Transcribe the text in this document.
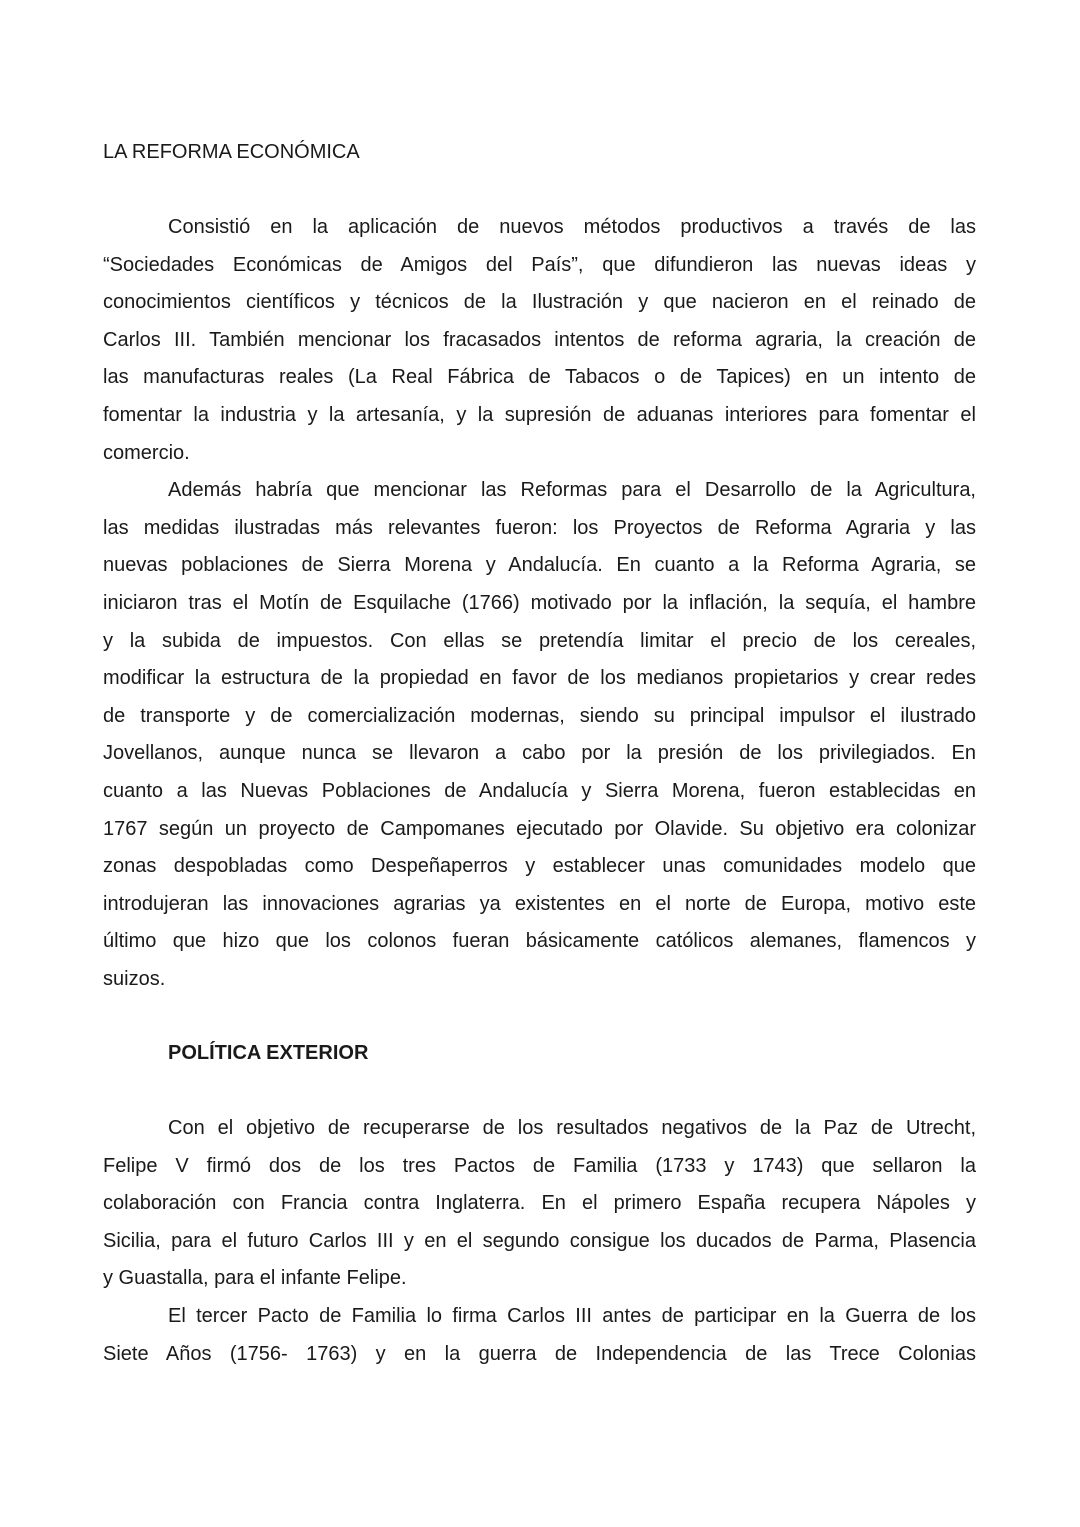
LA REFORMA ECONÓMICA
Consistió en la aplicación de nuevos métodos productivos a través de las
“Sociedades Económicas de Amigos del País”, que difundieron las nuevas ideas y
conocimientos científicos y técnicos de la Ilustración y que nacieron en el reinado de
Carlos III. También mencionar los fracasados intentos de reforma agraria, la creación de
las manufacturas reales (La Real Fábrica de Tabacos o de Tapices) en un intento de
fomentar la industria y la artesanía, y la supresión de aduanas interiores para fomentar el
comercio.
Además habría que mencionar las Reformas para el Desarrollo de la Agricultura,
las medidas ilustradas más relevantes fueron: los Proyectos de Reforma Agraria y las
nuevas poblaciones de Sierra Morena y Andalucía. En cuanto a la Reforma Agraria, se
iniciaron tras el Motín de Esquilache (1766) motivado por la inflación, la sequía, el hambre
y la subida de impuestos. Con ellas se pretendía limitar el precio de los cereales,
modificar la estructura de la propiedad en favor de los medianos propietarios y crear redes
de transporte y de comercialización modernas, siendo su principal impulsor el ilustrado
Jovellanos, aunque nunca se llevaron a cabo por la presión de los privilegiados. En
cuanto a las Nuevas Poblaciones de Andalucía y Sierra Morena, fueron establecidas en
1767 según un proyecto de Campomanes ejecutado por Olavide. Su objetivo era colonizar
zonas despobladas como Despeñaperros y establecer unas comunidades modelo que
introdujeran las innovaciones agrarias ya existentes en el norte de Europa, motivo este
último que hizo que los colonos fueran básicamente católicos alemanes, flamencos y
suizos.
POLÍTICA EXTERIOR
Con el objetivo de recuperarse de los resultados negativos de la Paz de Utrecht,
Felipe V firmó dos de los tres Pactos de Familia (1733 y 1743) que sellaron la
colaboración con Francia contra Inglaterra. En el primero España recupera Nápoles y
Sicilia, para el futuro Carlos III y en el segundo consigue los ducados de Parma, Plasencia
y Guastalla, para el infante Felipe.
El tercer Pacto de Familia lo firma Carlos III antes de participar en la Guerra de los
Siete Años (1756- 1763) y en la guerra de Independencia de las Trece Colonias
